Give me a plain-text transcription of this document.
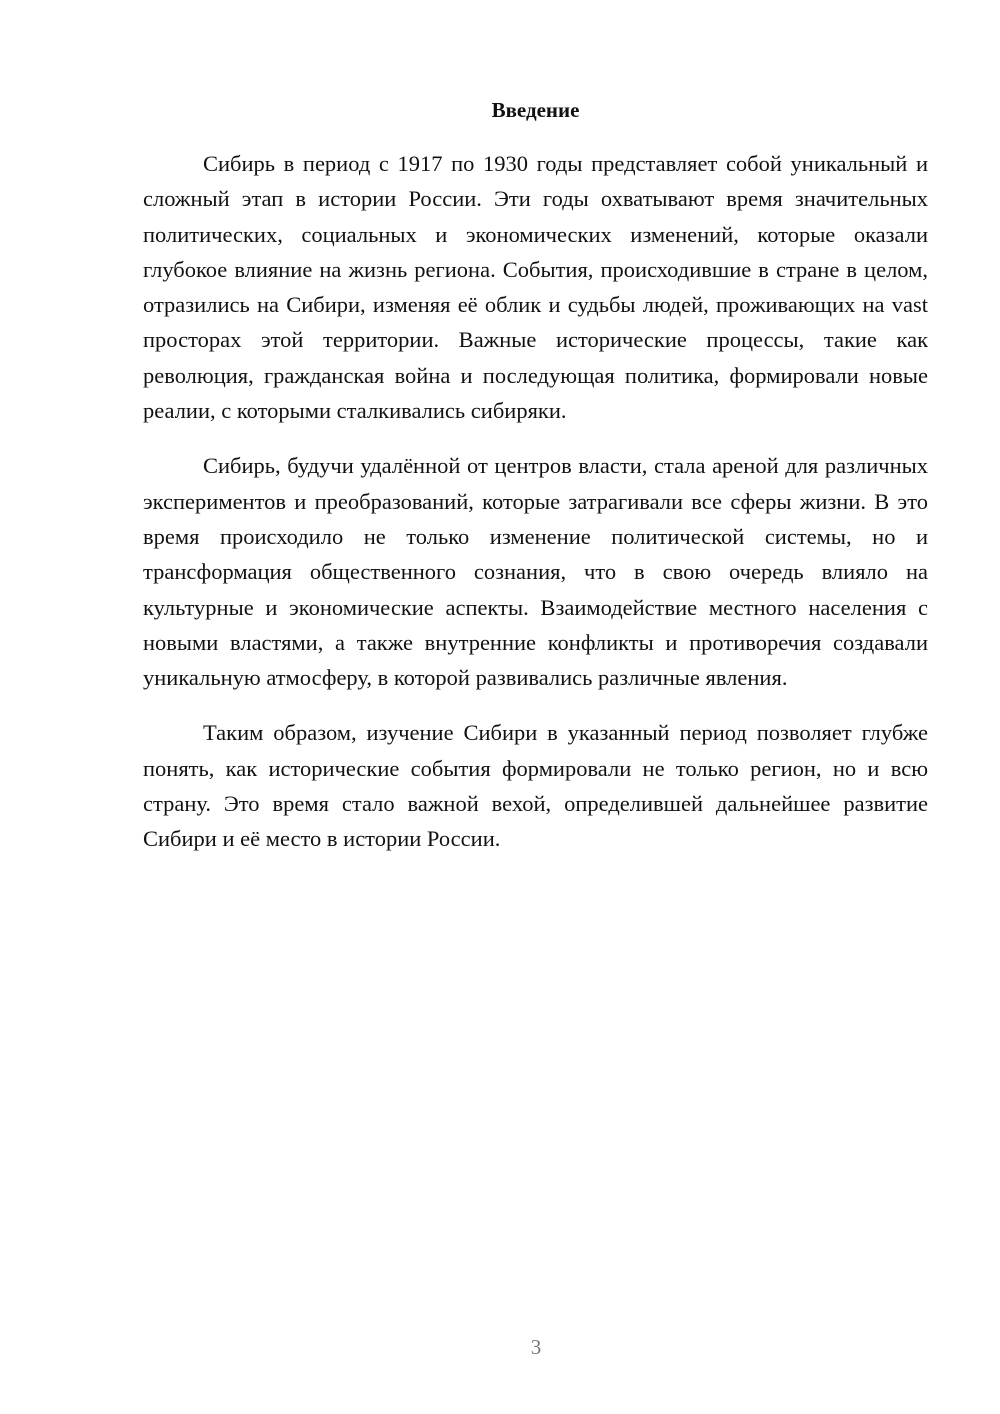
Введение

Сибирь в период с 1917 по 1930 годы представляет собой уникальный и сложный этап в истории России. Эти годы охватывают время значительных политических, социальных и экономических изменений, которые оказали глубокое влияние на жизнь региона. События, происходившие в стране в целом, отразились на Сибири, изменяя её облик и судьбы людей, проживающих на vast просторах этой территории. Важные исторические процессы, такие как революция, гражданская война и последующая политика, формировали новые реалии, с которыми сталкивались сибиряки.

Сибирь, будучи удалённой от центров власти, стала ареной для различных экспериментов и преобразований, которые затрагивали все сферы жизни. В это время происходило не только изменение политической системы, но и трансформация общественного сознания, что в свою очередь влияло на культурные и экономические аспекты. Взаимодействие местного населения с новыми властями, а также внутренние конфликты и противоречия создавали уникальную атмосферу, в которой развивались различные явления.

Таким образом, изучение Сибири в указанный период позволяет глубже понять, как исторические события формировали не только регион, но и всю страну. Это время стало важной вехой, определившей дальнейшее развитие Сибири и её место в истории России.

3
